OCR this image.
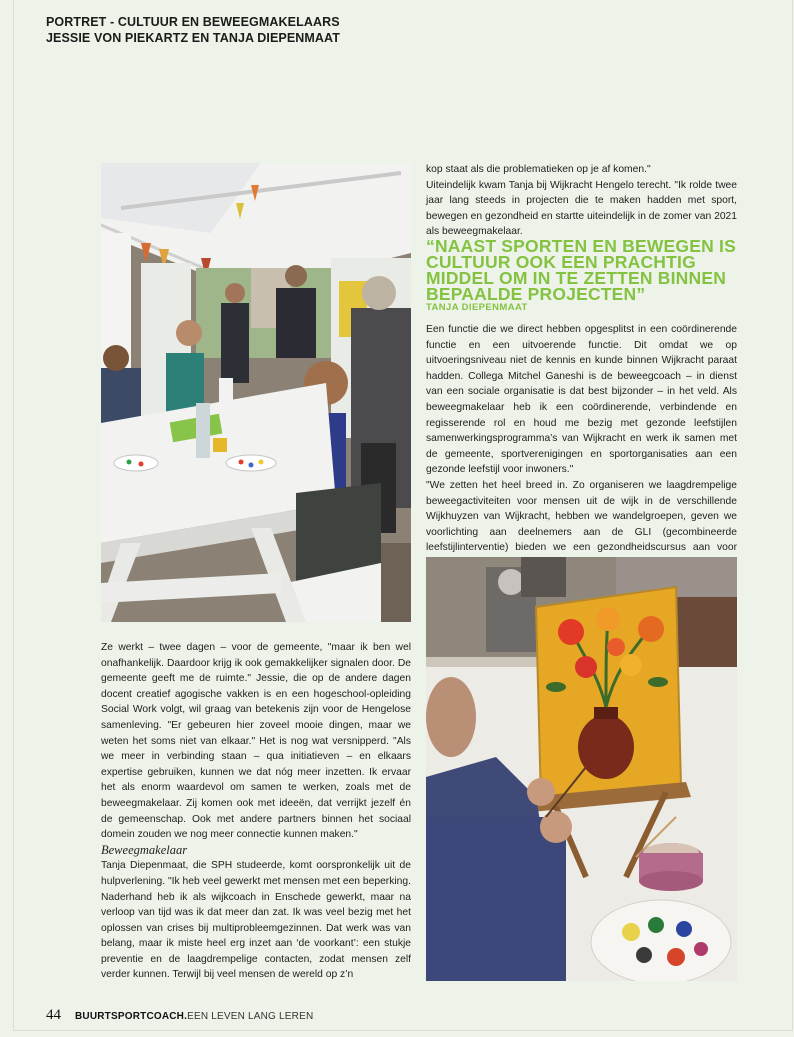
PORTRET - CULTUUR EN BEWEEGMAKELAARS
JESSIE VON PIEKARTZ EN TANJA DIEPENMAAT

kop staat als die problematieken op je af komen."

Uiteindelijk kwam Tanja bij Wijkracht Hengelo terecht. "Ik rolde twee jaar lang steeds in projecten die te maken hadden met sport, bewegen en gezondheid en startte uiteindelijk in de zomer van 2021 als beweegmakelaar.

“NAAST SPORTEN EN BEWEGEN IS CULTUUR OOK EEN PRACHTIG MIDDEL OM IN TE ZETTEN BINNEN BEPAALDE PROJECTEN”
TANJA DIEPENMAAT

Een functie die we direct hebben opgesplitst in een coördinerende functie en een uitvoerende functie. Dit omdat we op uitvoeringsniveau niet de kennis en kunde binnen Wijkracht paraat hadden. Collega Mitchel Ganeshi is de beweegcoach – in dienst van een sociale organisatie is dat best bijzonder – in het veld. Als beweegmakelaar heb ik een coördinerende, verbindende en regisserende rol en houd me bezig met gezonde leefstijlen samenwerkingsprogramma’s van Wijkracht en werk ik samen met de gemeente, sportverenigingen en sportorganisaties aan een gezonde leefstijl voor inwoners."

"We zetten het heel breed in. Zo organiseren we laagdrempelige beweegactiviteiten voor mensen uit de wijk in de verschillende Wijkhuyzen van Wijkracht, hebben we wandelgroepen, geven we voorlichting aan deelnemers aan de GLI (gecombineerde leefstijlinterventie) bieden we een gezondheidscursus aan voor

Ze werkt – twee dagen – voor de gemeente, "maar ik ben wel onafhankelijk. Daardoor krijg ik ook gemakkelijker signalen door. De gemeente geeft me de ruimte." Jessie, die op de andere dagen docent creatief agogische vakken is en een hogeschool-opleiding Social Work volgt, wil graag van betekenis zijn voor de Hengelose samenleving. "Er gebeuren hier zoveel mooie dingen, maar we weten het soms niet van elkaar." Het is nog wat versnipperd. "Als we meer in verbinding staan – qua initiatieven – en elkaars expertise gebruiken, kunnen we dat nóg meer inzetten. Ik ervaar het als enorm waardevol om samen te werken, zoals met de beweegmakelaar. Zij komen ook met ideeën, dat verrijkt jezelf én de gemeenschap. Ook met andere partners binnen het sociaal domein zouden we nog meer connectie kunnen maken."

Beweegmakelaar

Tanja Diepenmaat, die SPH studeerde, komt oorspronkelijk uit de hulpverlening. "Ik heb veel gewerkt met mensen met een beperking. Naderhand heb ik als wijkcoach in Enschede gewerkt, maar na verloop van tijd was ik dat meer dan zat. Ik was veel bezig met het oplossen van crises bij multiprobleemgezinnen. Dat werk was van belang, maar ik miste heel erg inzet aan ‘de voorkant’: een stukje preventie en de laagdrempelige contacten, zodat mensen zelf verder kunnen. Terwijl bij veel mensen de wereld op z’n

44 BUURTSPORTCOACH.EEN LEVEN LANG LEREN
